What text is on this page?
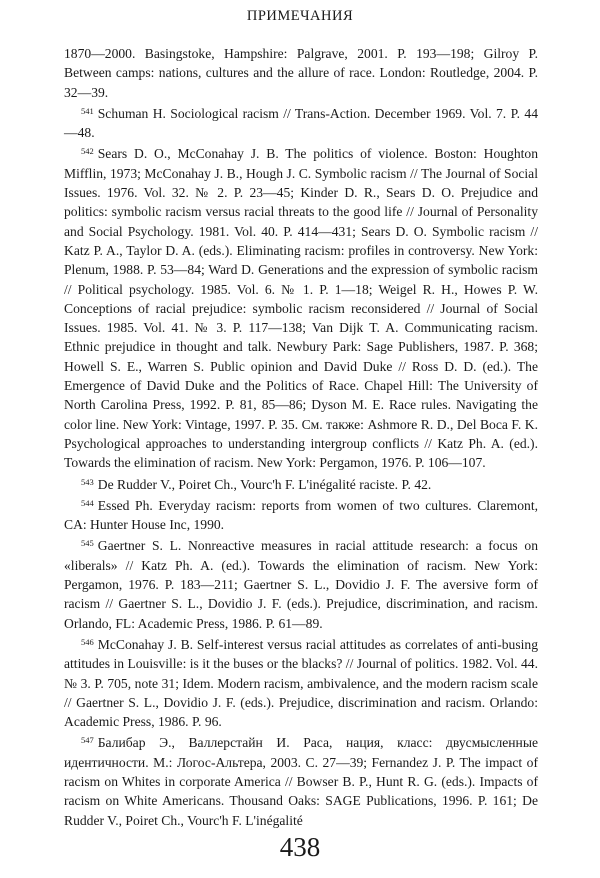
ПРИМЕЧАНИЯ

1870—2000. Basingstoke, Hampshire: Palgrave, 2001. P. 193—198; Gilroy P. Between camps: nations, cultures and the allure of race. London: Routledge, 2004. P. 32—39.

$^{541}$ Schuman H. Sociological racism // Trans-Action. December 1969. Vol. 7. P. 44—48.

$^{542}$ Sears D. O., McConahay J. B. The politics of violence. Boston: Houghton Mifflin, 1973; McConahay J. B., Hough J. C. Symbolic racism // The Journal of Social Issues. 1976. Vol. 32. № 2. P. 23—45; Kinder D. R., Sears D. O. Prejudice and politics: symbolic racism versus racial threats to the good life // Journal of Personality and Social Psychology. 1981. Vol. 40. P. 414—431; Sears D. O. Symbolic racism // Katz P. A., Taylor D. A. (eds.). Eliminating racism: profiles in controversy. New York: Plenum, 1988. P. 53—84; Ward D. Generations and the expression of symbolic racism // Political psychology. 1985. Vol. 6. № 1. P. 1—18; Weigel R. H., Howes P. W. Conceptions of racial prejudice: symbolic racism reconsidered // Journal of Social Issues. 1985. Vol. 41. № 3. P. 117—138; Van Dijk T. A. Communicating racism. Ethnic prejudice in thought and talk. Newbury Park: Sage Publishers, 1987. P. 368; Howell S. E., Warren S. Public opinion and David Duke // Ross D. D. (ed.). The Emergence of David Duke and the Politics of Race. Chapel Hill: The University of North Carolina Press, 1992. P. 81, 85—86; Dyson M. E. Race rules. Navigating the color line. New York: Vintage, 1997. P. 35. См. также: Ashmore R. D., Del Boca F. K. Psychological approaches to understanding intergroup conflicts // Katz Ph. A. (ed.). Towards the elimination of racism. New York: Pergamon, 1976. P. 106—107.

$^{543}$ De Rudder V., Poiret Ch., Vourc'h F. L'inégalité raciste. P. 42.

$^{544}$ Essed Ph. Everyday racism: reports from women of two cultures. Claremont, CA: Hunter House Inc, 1990.

$^{545}$ Gaertner S. L. Nonreactive measures in racial attitude research: a focus on «liberals» // Katz Ph. A. (ed.). Towards the elimination of racism. New York: Pergamon, 1976. P. 183—211; Gaertner S. L., Dovidio J. F. The aversive form of racism // Gaertner S. L., Dovidio J. F. (eds.). Prejudice, discrimination, and racism. Orlando, FL: Academic Press, 1986. P. 61—89.

$^{546}$ McConahay J. B. Self-interest versus racial attitudes as correlates of anti-busing attitudes in Louisville: is it the buses or the blacks? // Journal of politics. 1982. Vol. 44. № 3. P. 705, note 31; Idem. Modern racism, ambivalence, and the modern racism scale // Gaertner S. L., Dovidio J. F. (eds.). Prejudice, discrimination and racism. Orlando: Academic Press, 1986. P. 96.

$^{547}$ Балибар Э., Валлерстайн И. Раса, нация, класс: двусмысленные идентичности. М.: Логос-Альтера, 2003. С. 27—39; Fernandez J. P. The impact of racism on Whites in corporate America // Bowser B. P., Hunt R. G. (eds.). Impacts of racism on White Americans. Thousand Oaks: SAGE Publications, 1996. P. 161; De Rudder V., Poiret Ch., Vourc'h F. L'inégalité

438
